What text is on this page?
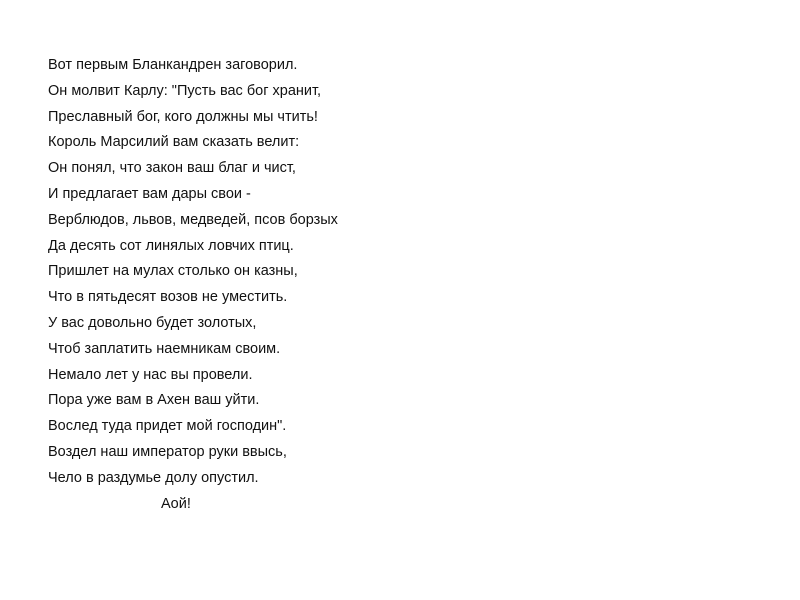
Вот первым Бланкандрен заговорил.
Он молвит Карлу: "Пусть вас бог хранит,
Преславный бог, кого должны мы чтить!
Король Марсилий вам сказать велит:
Он понял, что закон ваш благ и чист,
И предлагает вам дары свои -
Верблюдов, львов, медведей, псов борзых
Да десять сот линялых ловчих птиц.
Пришлет на мулах столько он казны,
Что в пятьдесят возов не уместить.
У вас довольно будет золотых,
Чтоб заплатить наемникам своим.
Немало лет у нас вы провели.
Пора уже вам в Ахен ваш уйти.
Вослед туда придет мой господин".
Воздел наш император руки ввысь,
Чело в раздумье долу опустил.
Аой!
